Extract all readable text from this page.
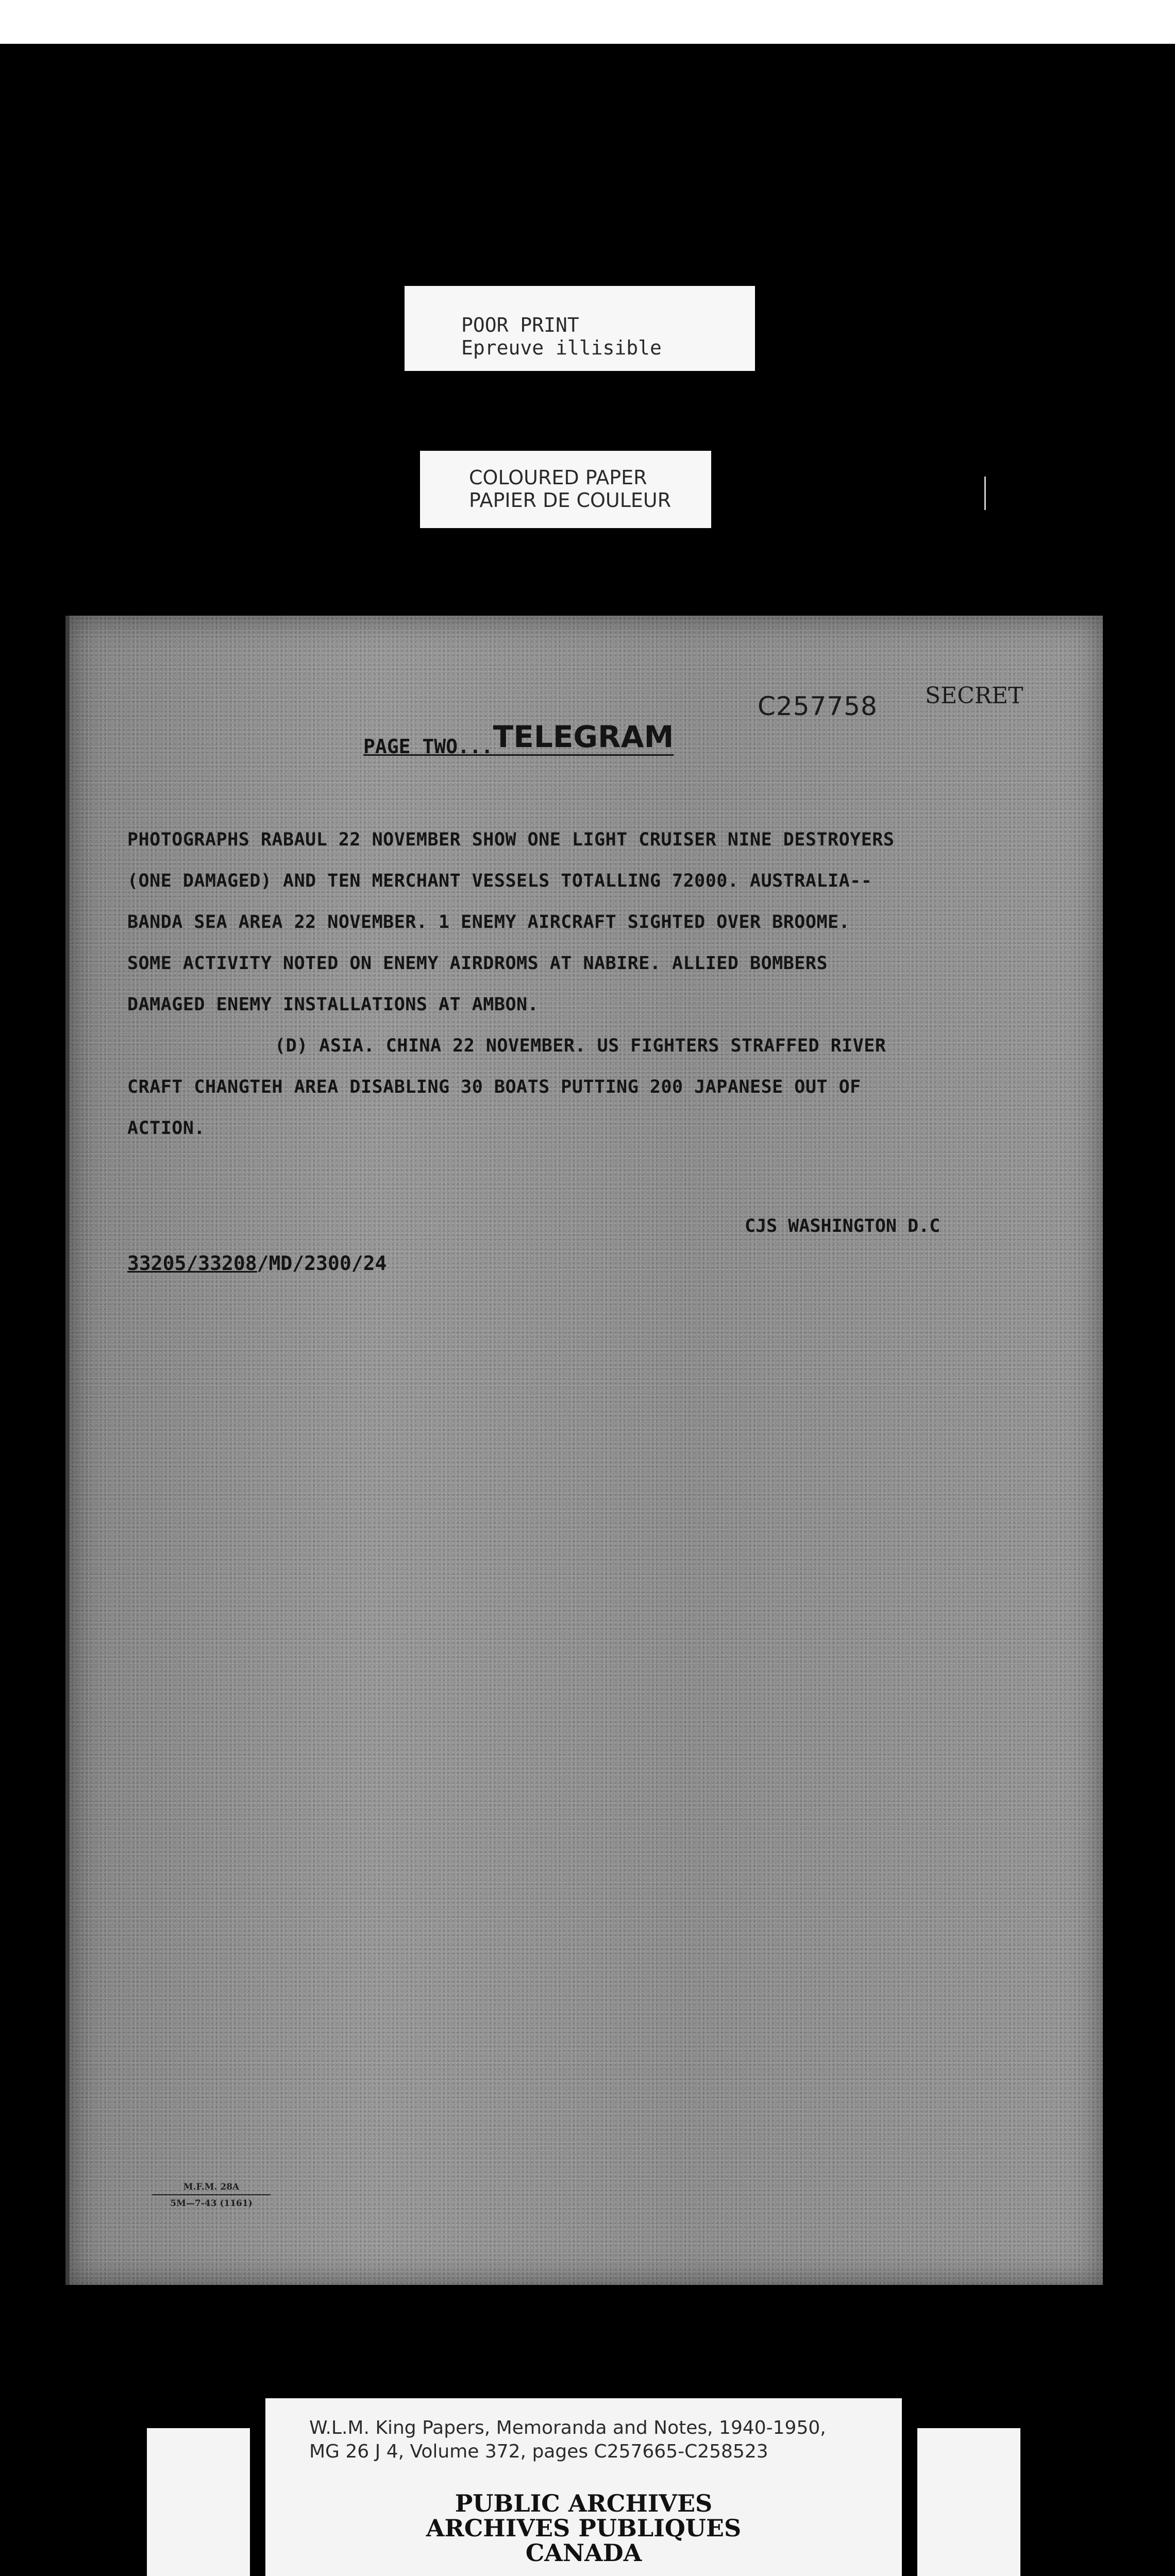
POOR PRINT
Epreuve illisible
COLOURED PAPER
PAPIER DE COULEUR
C257758 SECRET
PAGE TWO...TELEGRAM
PHOTOGRAPHS RABAUL 22 NOVEMBER SHOW ONE LIGHT CRUISER NINE DESTROYERS
(ONE DAMAGED) AND TEN MERCHANT VESSELS TOTALLING 72000. AUSTRALIA--
BANDA SEA AREA 22 NOVEMBER. 1 ENEMY AIRCRAFT SIGHTED OVER BROOME.
SOME ACTIVITY NOTED ON ENEMY AIRDROMS AT NABIRE. ALLIED BOMBERS
DAMAGED ENEMY INSTALLATIONS AT AMBON.
(D) ASIA. CHINA 22 NOVEMBER. US FIGHTERS STRAFFED RIVER
CRAFT CHANGTEH AREA DISABLING 30 BOATS PUTTING 200 JAPANESE OUT OF
ACTION.
CJS WASHINGTON D.C
33205/33208/MD/2300/24
M.F.M. 28A
5M—7-43 (1161)
W.L.M. King Papers, Memoranda and Notes, 1940-1950,
MG 26 J 4, Volume 372, pages C257665-C258523
PUBLIC ARCHIVES
ARCHIVES PUBLIQUES
CANADA
